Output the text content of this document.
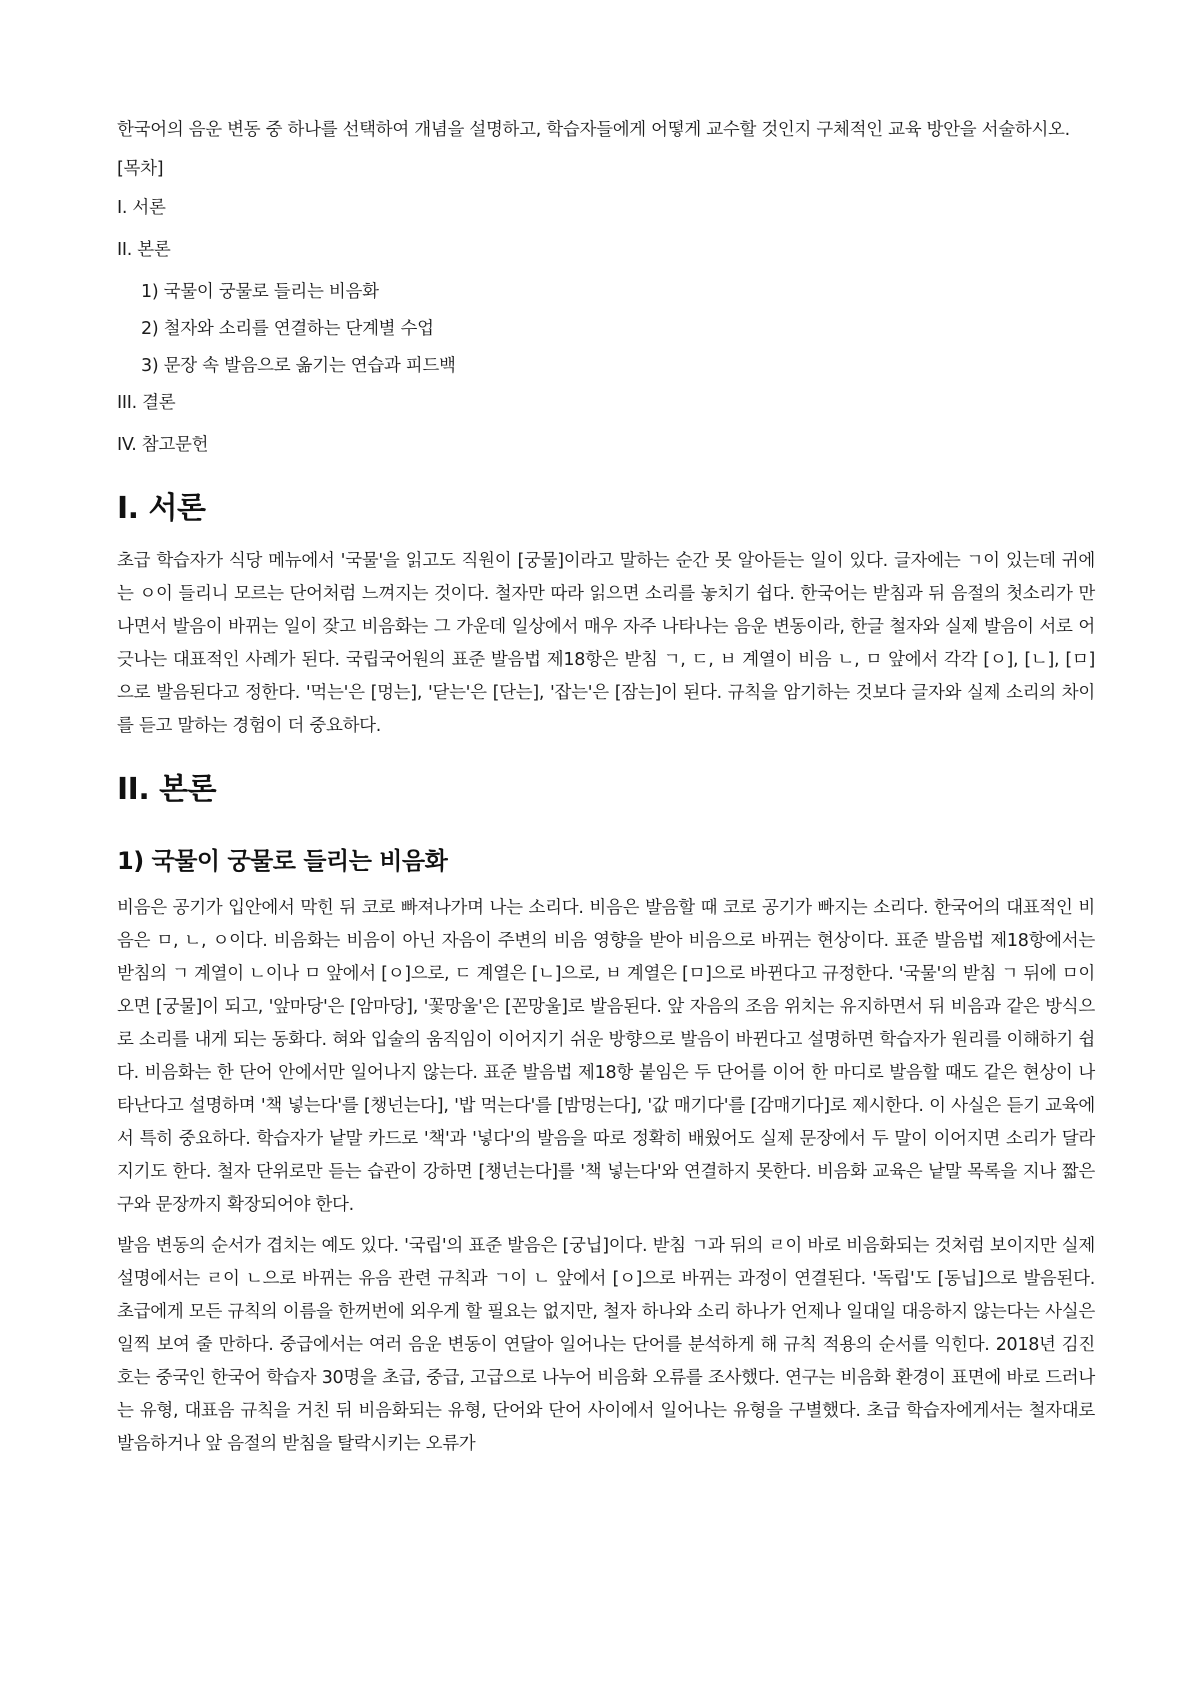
한국어의 음운 변동 중 하나를 선택하여 개념을 설명하고, 학습자들에게 어떻게 교수할 것인지 구체적인 교육 방안을 서술하시오.

[목차]

I. 서론
II. 본론
1) 국물이 궁물로 들리는 비음화
2) 철자와 소리를 연결하는 단계별 수업
3) 문장 속 발음으로 옮기는 연습과 피드백
III. 결론
IV. 참고문헌
I. 서론

초급 학습자가 식당 메뉴에서 '국물'을 읽고도 직원이 [궁물]이라고 말하는 순간 못 알아듣는 일이 있다. 글자에는 ㄱ이 있는데 귀에는 ㅇ이 들리니 모르는 단어처럼 느껴지는 것이다. 철자만 따라 읽으면 소리를 놓치기 쉽다. 한국어는 받침과 뒤 음절의 첫소리가 만나면서 발음이 바뀌는 일이 잦고 비음화는 그 가운데 일상에서 매우 자주 나타나는 음운 변동이라, 한글 철자와 실제 발음이 서로 어긋나는 대표적인 사례가 된다. 국립국어원의 표준 발음법 제18항은 받침 ㄱ, ㄷ, ㅂ 계열이 비음 ㄴ, ㅁ 앞에서 각각 [ㅇ], [ㄴ], [ㅁ]으로 발음된다고 정한다. '먹는'은 [멍는], '닫는'은 [단는], '잡는'은 [잠는]이 된다. 규칙을 암기하는 것보다 글자와 실제 소리의 차이를 듣고 말하는 경험이 더 중요하다.

II. 본론
1) 국물이 궁물로 들리는 비음화

비음은 공기가 입안에서 막힌 뒤 코로 빠져나가며 나는 소리다. 비음은 발음할 때 코로 공기가 빠지는 소리다. 한국어의 대표적인 비음은 ㅁ, ㄴ, ㅇ이다. 비음화는 비음이 아닌 자음이 주변의 비음 영향을 받아 비음으로 바뀌는 현상이다. 표준 발음법 제18항에서는 받침의 ㄱ 계열이 ㄴ이나 ㅁ 앞에서 [ㅇ]으로, ㄷ 계열은 [ㄴ]으로, ㅂ 계열은 [ㅁ]으로 바뀐다고 규정한다. '국물'의 받침 ㄱ 뒤에 ㅁ이 오면 [궁물]이 되고, '앞마당'은 [암마당], '꽃망울'은 [꼰망울]로 발음된다. 앞 자음의 조음 위치는 유지하면서 뒤 비음과 같은 방식으로 소리를 내게 되는 동화다. 혀와 입술의 움직임이 이어지기 쉬운 방향으로 발음이 바뀐다고 설명하면 학습자가 원리를 이해하기 쉽다. 비음화는 한 단어 안에서만 일어나지 않는다. 표준 발음법 제18항 붙임은 두 단어를 이어 한 마디로 발음할 때도 같은 현상이 나타난다고 설명하며 '책 넣는다'를 [챙넌는다], '밥 먹는다'를 [밤멍는다], '값 매기다'를 [감매기다]로 제시한다. 이 사실은 듣기 교육에서 특히 중요하다. 학습자가 낱말 카드로 '책'과 '넣다'의 발음을 따로 정확히 배웠어도 실제 문장에서 두 말이 이어지면 소리가 달라지기도 한다. 철자 단위로만 듣는 습관이 강하면 [챙넌는다]를 '책 넣는다'와 연결하지 못한다. 비음화 교육은 낱말 목록을 지나 짧은 구와 문장까지 확장되어야 한다.

발음 변동의 순서가 겹치는 예도 있다. '국립'의 표준 발음은 [궁닙]이다. 받침 ㄱ과 뒤의 ㄹ이 바로 비음화되는 것처럼 보이지만 실제 설명에서는 ㄹ이 ㄴ으로 바뀌는 유음 관련 규칙과 ㄱ이 ㄴ 앞에서 [ㅇ]으로 바뀌는 과정이 연결된다. '독립'도 [동닙]으로 발음된다. 초급에게 모든 규칙의 이름을 한꺼번에 외우게 할 필요는 없지만, 철자 하나와 소리 하나가 언제나 일대일 대응하지 않는다는 사실은 일찍 보여 줄 만하다. 중급에서는 여러 음운 변동이 연달아 일어나는 단어를 분석하게 해 규칙 적용의 순서를 익힌다. 2018년 김진호는 중국인 한국어 학습자 30명을 초급, 중급, 고급으로 나누어 비음화 오류를 조사했다. 연구는 비음화 환경이 표면에 바로 드러나는 유형, 대표음 규칙을 거친 뒤 비음화되는 유형, 단어와 단어 사이에서 일어나는 유형을 구별했다. 초급 학습자에게서는 철자대로 발음하거나 앞 음절의 받침을 탈락시키는 오류가
